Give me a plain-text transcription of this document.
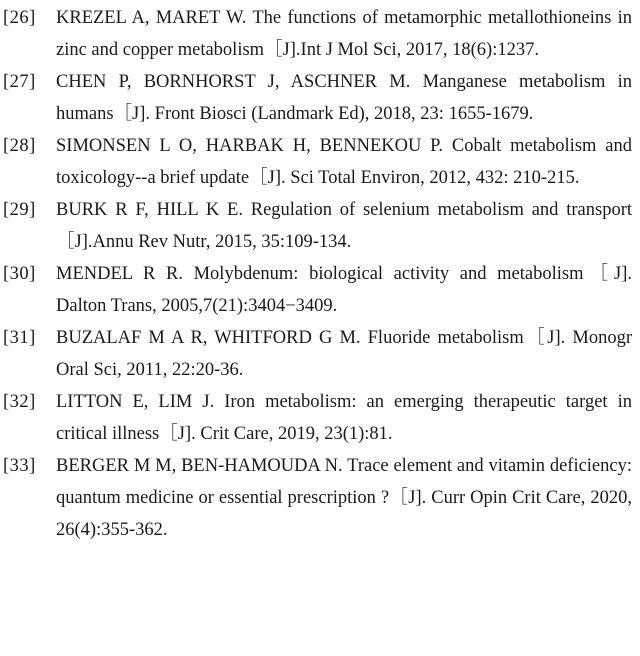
[26] KREZEL A, MARET W. The functions of metamorphic metallothioneins in zinc and copper metabolism［J].Int J Mol Sci, 2017, 18(6):1237.
[27] CHEN P, BORNHORST J, ASCHNER M. Manganese metabolism in humans［J]. Front Biosci (Landmark Ed), 2018, 23: 1655-1679.
[28] SIMONSEN L O, HARBAK H, BENNEKOU P. Cobalt metabolism and toxicology--a brief update［J]. Sci Total Environ, 2012, 432: 210-215.
[29] BURK R F, HILL K E. Regulation of selenium metabolism and transport［J].Annu Rev Nutr, 2015, 35:109-134.
[30] MENDEL R R. Molybdenum: biological activity and metabolism［J]. Dalton Trans, 2005,7(21):3404−3409.
[31] BUZALAF M A R, WHITFORD G M. Fluoride metabolism［J]. Monogr Oral Sci, 2011, 22:20-36.
[32] LITTON E, LIM J. Iron metabolism: an emerging therapeutic target in critical illness［J]. Crit Care, 2019, 23(1):81.
[33] BERGER M M, BEN-HAMOUDA N. Trace element and vitamin deficiency: quantum medicine or essential prescription ?［J]. Curr Opin Crit Care, 2020, 26(4):355-362.
